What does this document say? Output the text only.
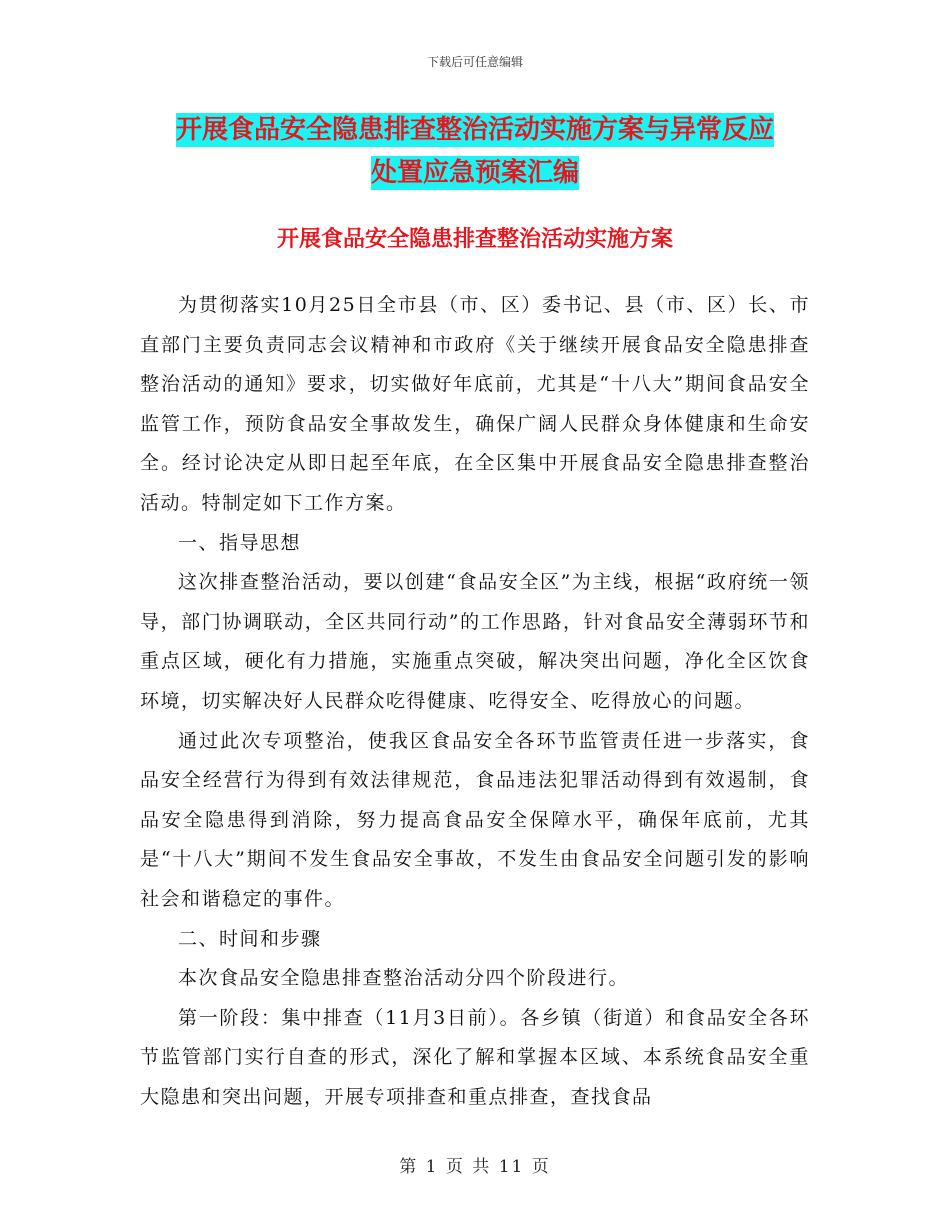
下载后可任意编辑
开展食品安全隐患排查整治活动实施方案与异常反应
处置应急预案汇编
开展食品安全隐患排查整治活动实施方案

为贯彻落实10月25日全市县（市、区）委书记、县（市、区）长、市直部门主要负责同志会议精神和市政府《关于继续开展食品安全隐患排查整治活动的通知》要求，切实做好年底前，尤其是“十八大”期间食品安全监管工作，预防食品安全事故发生，确保广阔人民群众身体健康和生命安全。经讨论决定从即日起至年底，在全区集中开展食品安全隐患排查整治活动。特制定如下工作方案。

一、指导思想

这次排查整治活动，要以创建“食品安全区”为主线，根据“政府统一领导，部门协调联动，全区共同行动”的工作思路，针对食品安全薄弱环节和重点区域，硬化有力措施，实施重点突破，解决突出问题，净化全区饮食环境，切实解决好人民群众吃得健康、吃得安全、吃得放心的问题。

通过此次专项整治，使我区食品安全各环节监管责任进一步落实，食品安全经营行为得到有效法律规范，食品违法犯罪活动得到有效遏制，食品安全隐患得到消除，努力提高食品安全保障水平，确保年底前，尤其是“十八大”期间不发生食品安全事故，不发生由食品安全问题引发的影响社会和谐稳定的事件。

二、时间和步骤

本次食品安全隐患排查整治活动分四个阶段进行。

第一阶段：集中排查（11月3日前）。各乡镇（街道）和食品安全各环节监管部门实行自查的形式，深化了解和掌握本区域、本系统食品安全重大隐患和突出问题，开展专项排查和重点排查，查找食品

第 1 页 共 11 页
